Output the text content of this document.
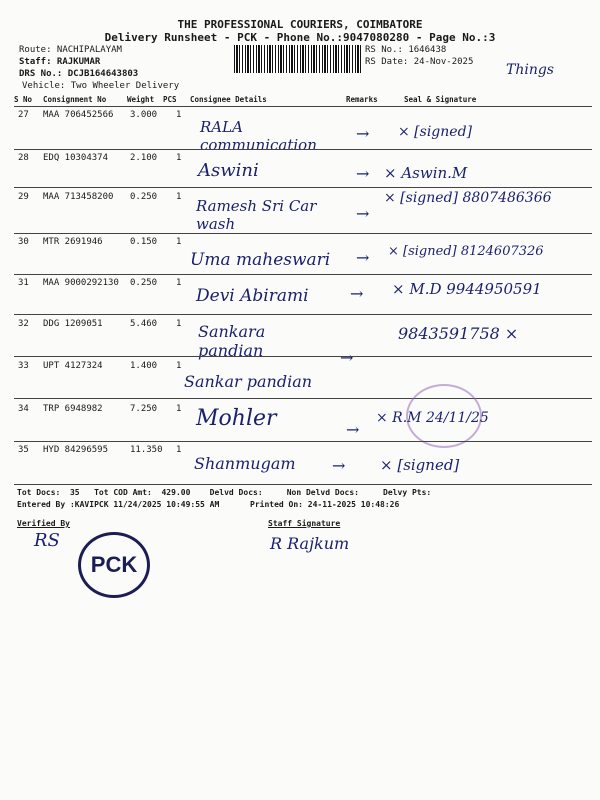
THE PROFESSIONAL COURIERS, COIMBATORE
Delivery Runsheet - PCK - Phone No.:9047080280 - Page No.:3
Route: NACHIPALAYAM
Staff: RAJKUMAR
DRS No.: DCJB164643803
Vehicle: Two Wheeler Delivery
RS No.: 1646438
RS Date: 24-Nov-2025 Things
S No Consignment No	Weight PCS Consignee Details	Remarks	Seal & Signature
27 MAA 706452566 3.000 1
RALA communication
→ × [signed]
28 EDQ 10304374 2.100 1
Aswini	→ × Aswin.M
29 MAA 713458200 0.250 1 Ramesh Sri Car wash
→
× [signed] 8807486366
30 MTR 2691946	0.150 1
Uma maheswari → × [signed] 8124607326
31 MAA 9000292130 0.250 1
Devi Abirami	→ × M.D 9944950591
32 DDG 1209051	5.460 1 Sankara pandian	→
9843591758 ×
33 UPT 4127324	1.400 1
Sankar pandian
34 TRP 6948982	7.250 1 Mohler	→
× R.M 24/11/25
35 HYD 84296595 11.350 1
Shanmugam → × [signed]
Tot Docs:  35   Tot COD Amt:  429.00    Delvd Docs:     Non Delvd Docs:     Delvy Pts:
Entered By :KAVIPCK 11/24/2025 10:49:55 AM	Printed On: 24-11-2025 10:48:26
Verified By	Staff Signature
RS	R Rajkum
PCK
